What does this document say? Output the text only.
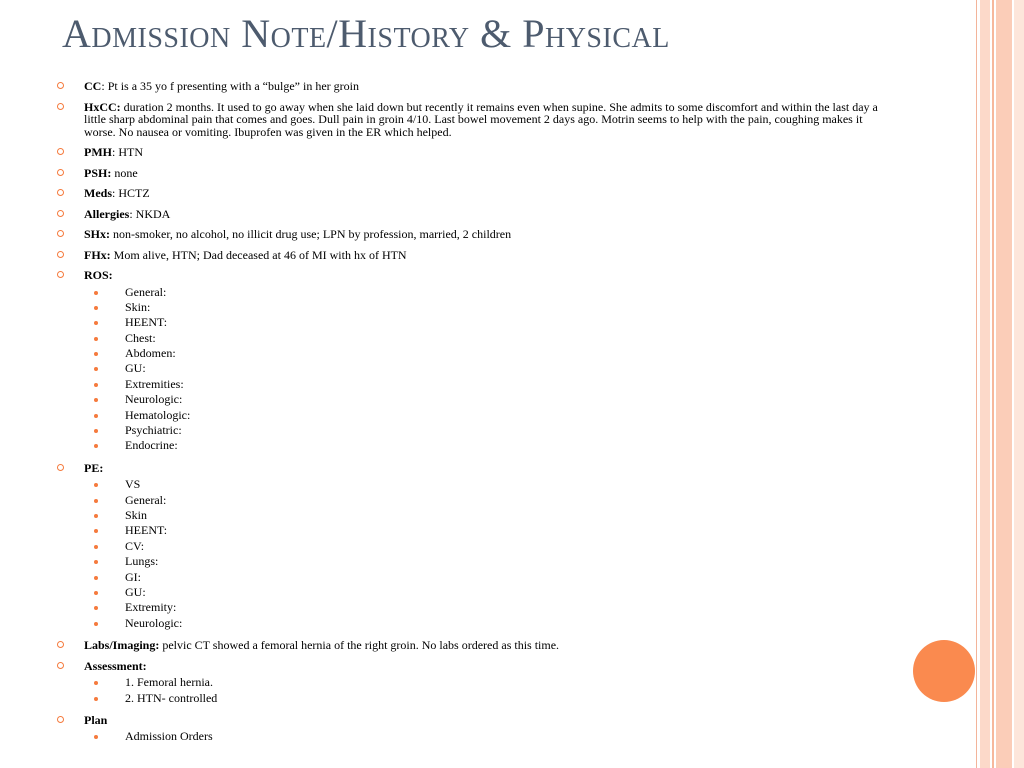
Admission Note/History & Physical
CC: Pt is a 35 yo f presenting with a “bulge” in her groin
HxCC: duration 2 months. It used to go away when she laid down but recently it remains even when supine. She admits to some discomfort and within the last day a little sharp abdominal pain that comes and goes. Dull pain in groin 4/10. Last bowel movement 2 days ago. Motrin seems to help with the pain, coughing makes it worse. No nausea or vomiting. Ibuprofen was given in the ER which helped.
PMH: HTN
PSH: none
Meds: HCTZ
Allergies: NKDA
SHx: non-smoker, no alcohol, no illicit drug use; LPN by profession, married, 2 children
FHx: Mom alive, HTN; Dad deceased at 46 of MI with hx of HTN
ROS:
General:
Skin:
HEENT:
Chest:
Abdomen:
GU:
Extremities:
Neurologic:
Hematologic:
Psychiatric:
Endocrine:
PE:
VS
General:
Skin
HEENT:
CV:
Lungs:
GI:
GU:
Extremity:
Neurologic:
Labs/Imaging: pelvic CT showed a femoral hernia of the right groin. No labs ordered as this time.
Assessment:
1. Femoral hernia.
2. HTN- controlled
Plan
Admission Orders
